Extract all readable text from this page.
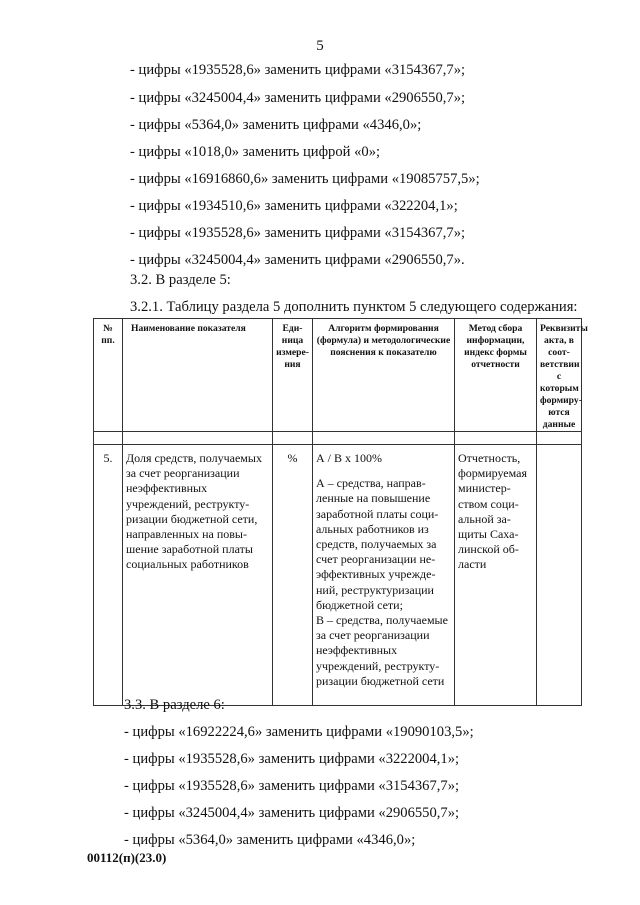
5
- цифры «1935528,6» заменить цифрами «3154367,7»;
- цифры «3245004,4» заменить цифрами «2906550,7»;
- цифры «5364,0» заменить цифрами «4346,0»;
- цифры «1018,0» заменить цифрой «0»;
- цифры «16916860,6» заменить цифрами «19085757,5»;
- цифры «1934510,6» заменить цифрами «322204,1»;
- цифры «1935528,6» заменить цифрами «3154367,7»;
- цифры «3245004,4» заменить цифрами «2906550,7».
3.2. В разделе 5:
3.2.1. Таблицу раздела 5 дополнить пунктом 5 следующего содержания:
№ пп.	Наименование показателя	Единица измерения	Алгоритм формирования (формула) и методологические пояснения к показателю	Метод сбора информации, индекс формы отчетности	Реквизиты акта, в соответствии с которым формируются данные

5.	Доля средств, получаемых за счет реорганизации неэффективных учреждений, реструктуризации бюджетной сети, направленных на повышение заработной платы социальных работников	%	А / В х 100%
А – средства, направленные на повышение заработной платы социальных работников из средств, получаемых за счет реорганизации неэффективных учреждений, реструктуризации бюджетной сети;
В – средства, получаемые за счет реорганизации неэффективных учреждений, реструктуризации бюджетной сети	Отчетность, формируемая министерством социальной защиты Сахалинской области	
3.3. В разделе 6:
- цифры «16922224,6» заменить цифрами «19090103,5»;
- цифры «1935528,6» заменить цифрами «3222004,1»;
- цифры «1935528,6» заменить цифрами «3154367,7»;
- цифры «3245004,4» заменить цифрами «2906550,7»;
- цифры «5364,0» заменить цифрами «4346,0»;
00112(п)(23.0)
